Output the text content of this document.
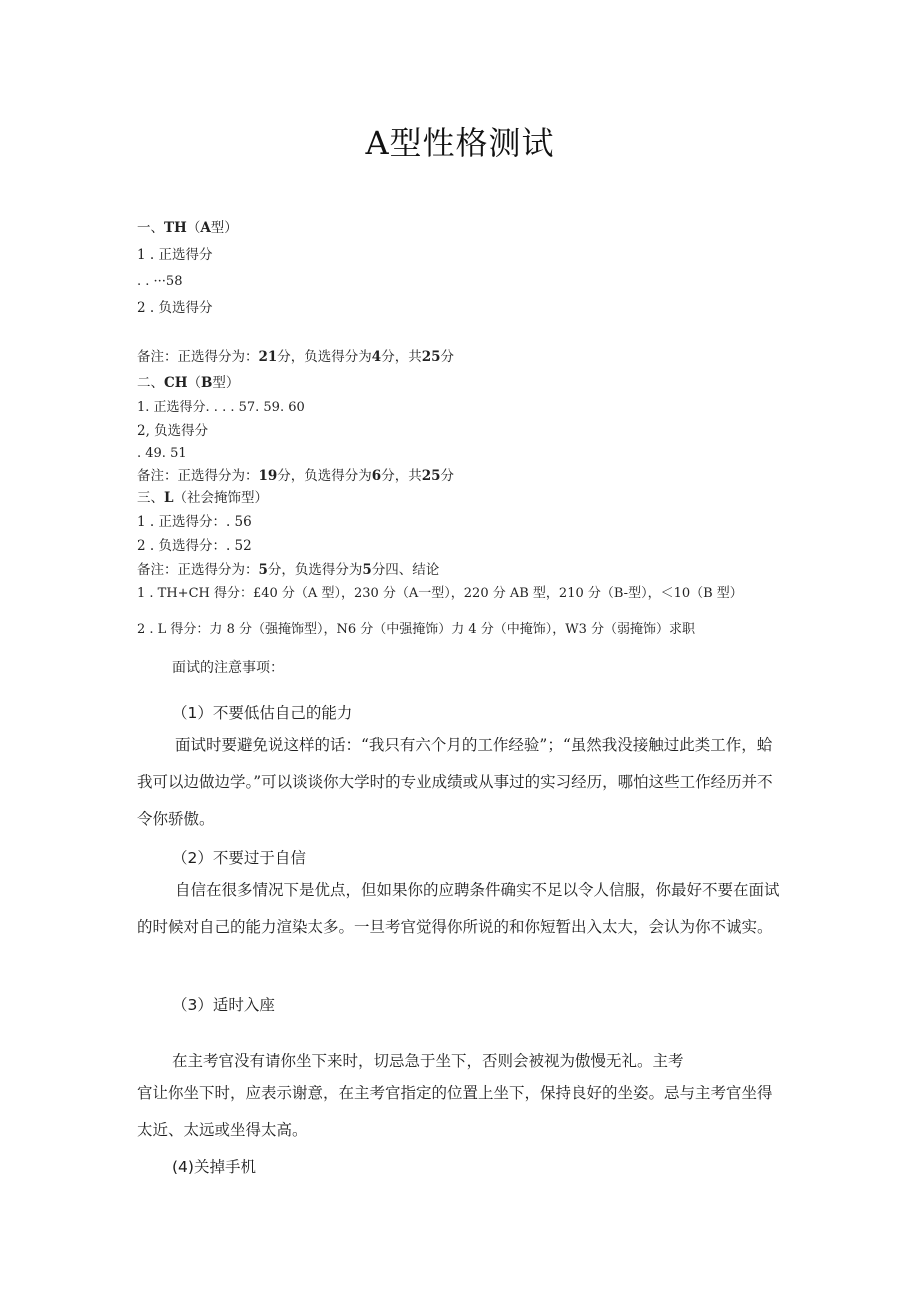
A型性格测试
一、TH（A型）
1 . 正选得分
. . ···58
2 . 负选得分
备注：正选得分为：21分，负选得分为4分，共25分
二、CH（B型）
1. 正选得分. . . . 57. 59. 60
2, 负选得分
. 49. 51
备注：正选得分为：19分，负选得分为6分，共25分
三、L（社会掩饰型）
1 . 正选得分：. 56
2 . 负选得分：. 52
备注：正选得分为：5分，负选得分为5分四、结论
1 . TH+CH 得分：£40 分（A 型），230 分（A一型），220 分 AB 型，210 分（B-型），＜10（B 型）
2 . L 得分：力 8 分（强掩饰型），N6 分（中强掩饰）力 4 分（中掩饰），W3 分（弱掩饰）求职
面试的注意事项：
（1）不要低估自己的能力

面试时要避免说这样的话：“我只有六个月的工作经验”；“虽然我没接触过此类工作，蛤我可以边做边学。”可以谈谈你大学时的专业成绩或从事过的实习经历，哪怕这些工作经历并不令你骄傲。

（2）不要过于自信

自信在很多情况下是优点，但如果你的应聘条件确实不足以令人信服，你最好不要在面试的时候对自己的能力渲染太多。一旦考官觉得你所说的和你短暂出入太大，会认为你不诚实。

（3）适时入座
在主考官没有请你坐下来时，切忌急于坐下，否则会被视为傲慢无礼。主考

官让你坐下时，应表示谢意，在主考官指定的位置上坐下，保持良好的坐姿。忌与主考官坐得太近、太远或坐得太高。

(4)关掉手机
